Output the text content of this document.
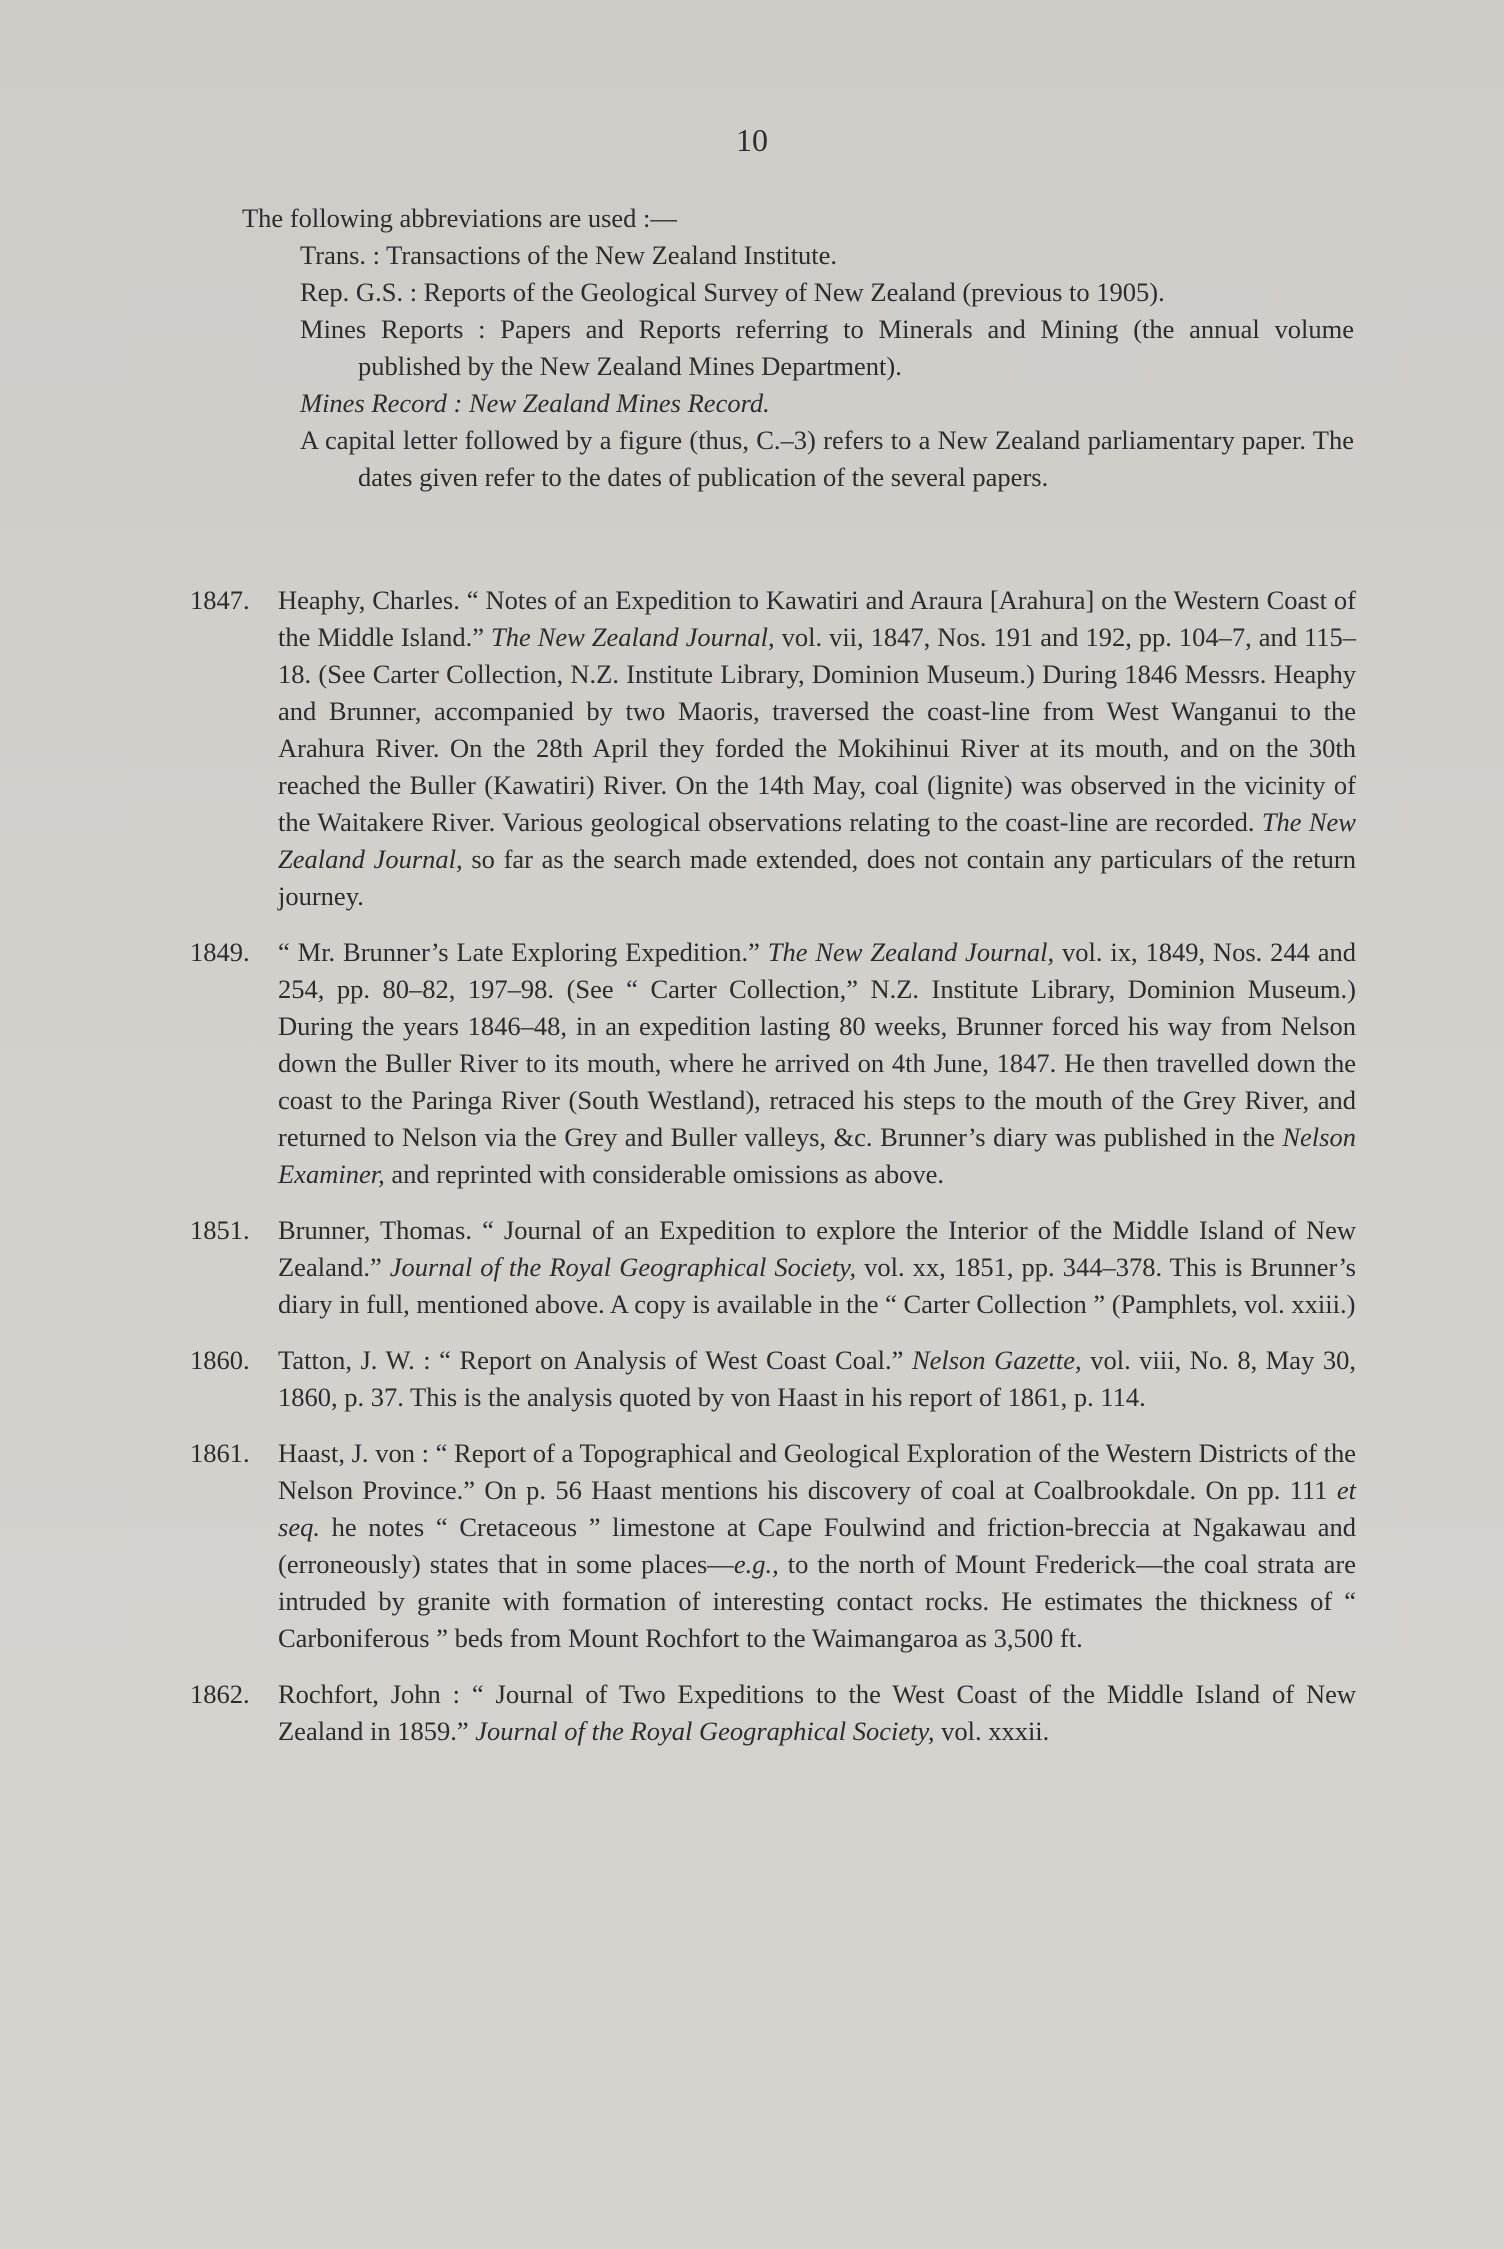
10
The following abbreviations are used :—
Trans. : Transactions of the New Zealand Institute.
Rep. G.S. : Reports of the Geological Survey of New Zealand (previous to 1905).
Mines Reports : Papers and Reports referring to Minerals and Mining (the annual volume published by the New Zealand Mines Department).
Mines Record : New Zealand Mines Record.
A capital letter followed by a figure (thus, C.–3) refers to a New Zealand parliamentary paper. The dates given refer to the dates of publication of the several papers.
1847.	Heaphy, Charles. “ Notes of an Expedition to Kawatiri and Araura [Arahura] on the Western Coast of the Middle Island.” The New Zealand Journal, vol. vii, 1847, Nos. 191 and 192, pp. 104–7, and 115–18. (See Carter Collection, N.Z. Institute Library, Dominion Museum.) During 1846 Messrs. Heaphy and Brunner, accompanied by two Maoris, traversed the coast-line from West Wanganui to the Arahura River. On the 28th April they forded the Mokihinui River at its mouth, and on the 30th reached the Buller (Kawatiri) River. On the 14th May, coal (lignite) was observed in the vicinity of the Waitakere River. Various geological observations relating to the coast-line are recorded. The New Zealand Journal, so far as the search made extended, does not contain any particulars of the return journey.
1849.	“ Mr. Brunner’s Late Exploring Expedition.” The New Zealand Journal, vol. ix, 1849, Nos. 244 and 254, pp. 80–82, 197–98. (See “ Carter Collection,” N.Z. Institute Library, Dominion Museum.) During the years 1846–48, in an expedition lasting 80 weeks, Brunner forced his way from Nelson down the Buller River to its mouth, where he arrived on 4th June, 1847. He then travelled down the coast to the Paringa River (South Westland), retraced his steps to the mouth of the Grey River, and returned to Nelson via the Grey and Buller valleys, &c. Brunner’s diary was published in the Nelson Examiner, and reprinted with considerable omissions as above.
1851.	Brunner, Thomas. “ Journal of an Expedition to explore the Interior of the Middle Island of New Zealand.” Journal of the Royal Geographical Society, vol. xx, 1851, pp. 344–378. This is Brunner’s diary in full, mentioned above. A copy is available in the “ Carter Collection ” (Pamphlets, vol. xxiii.)
1860.	Tatton, J. W. : “ Report on Analysis of West Coast Coal.” Nelson Gazette, vol. viii, No. 8, May 30, 1860, p. 37. This is the analysis quoted by von Haast in his report of 1861, p. 114.
1861.	Haast, J. von : “ Report of a Topographical and Geological Exploration of the Western Districts of the Nelson Province.” On p. 56 Haast mentions his discovery of coal at Coalbrookdale. On pp. 111 et seq. he notes “ Cretaceous ” limestone at Cape Foulwind and friction-breccia at Ngakawau and (erroneously) states that in some places—e.g., to the north of Mount Frederick—the coal strata are intruded by granite with formation of interesting contact rocks. He estimates the thickness of “ Carboniferous ” beds from Mount Rochfort to the Waimangaroa as 3,500 ft.
1862.	Rochfort, John : “ Journal of Two Expeditions to the West Coast of the Middle Island of New Zealand in 1859.” Journal of the Royal Geographical Society, vol. xxxii.
